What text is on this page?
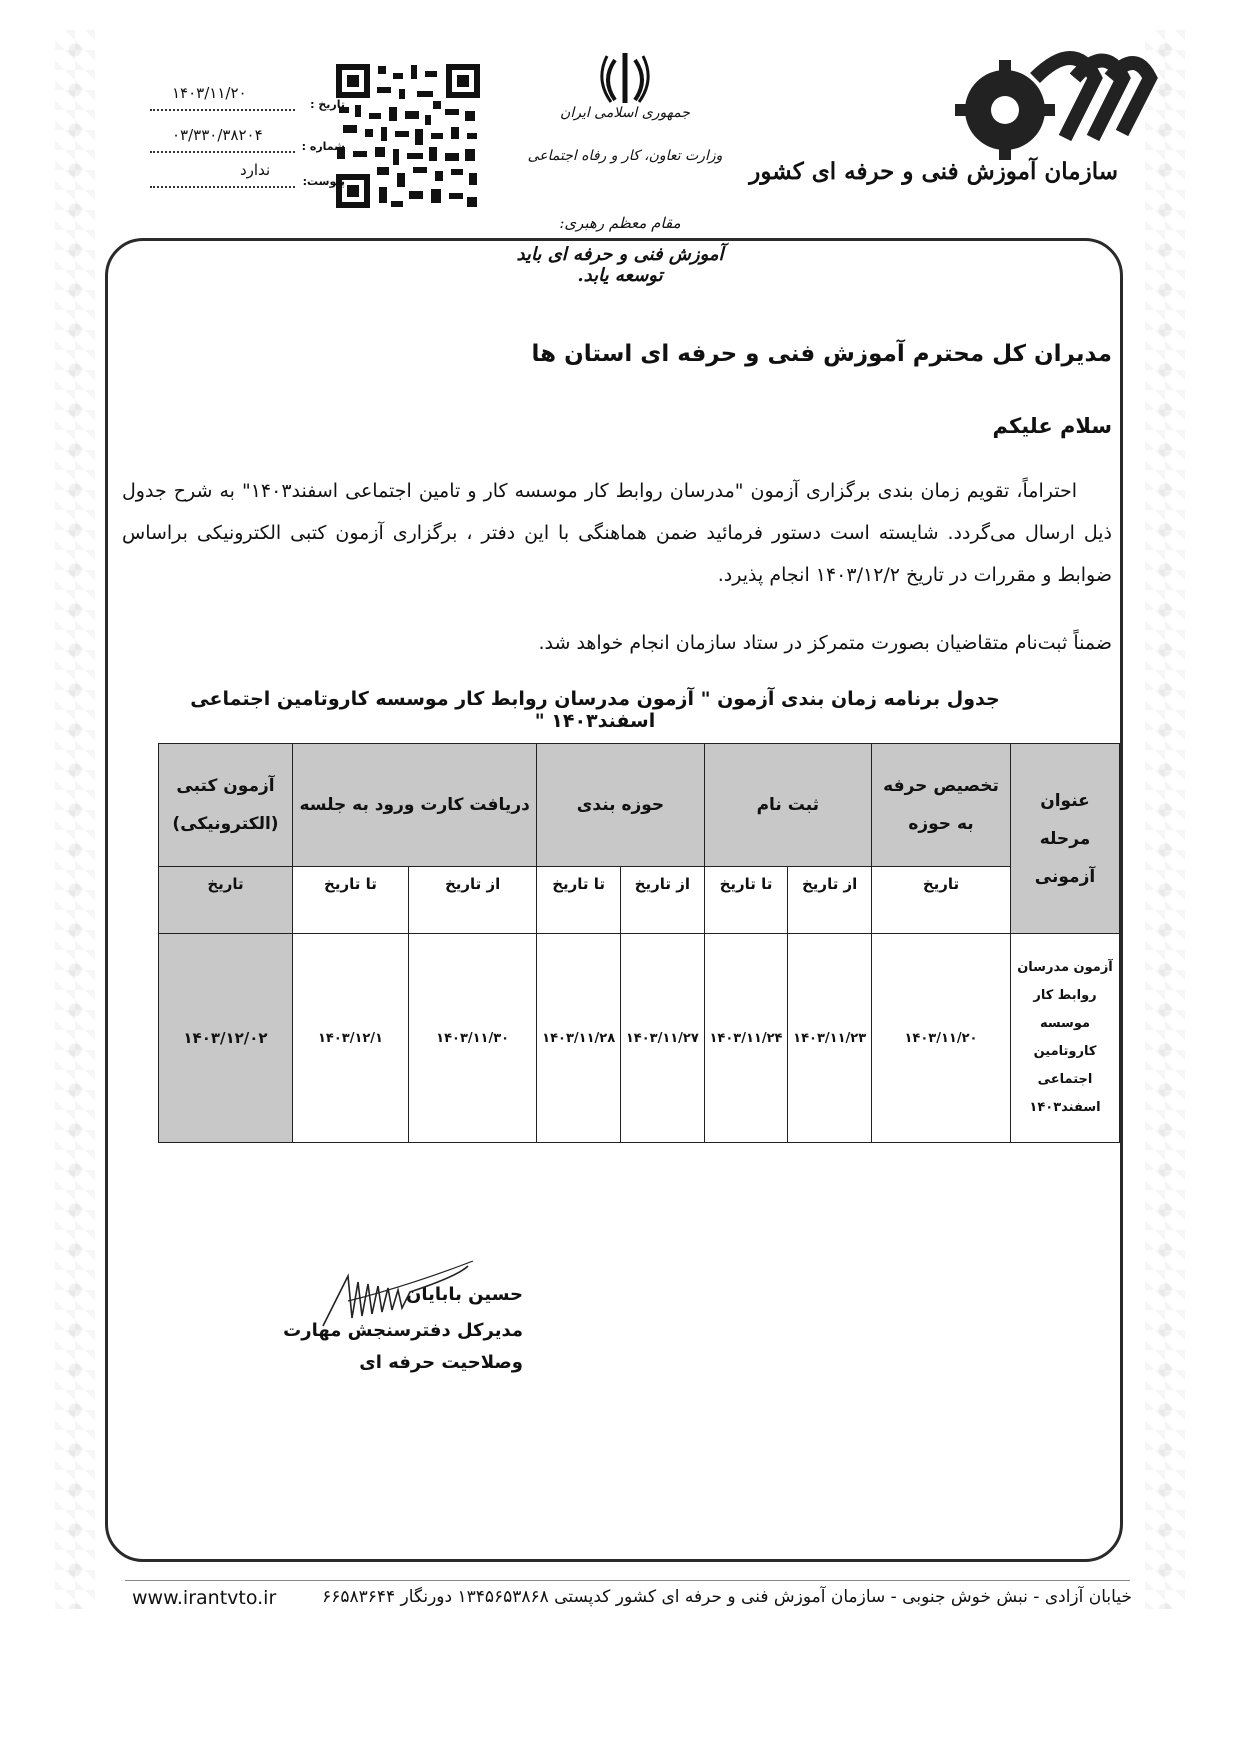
سازمان آموزش فنی و حرفه ای کشور
جمهوری اسلامی ایران
وزارت تعاون، کار و رفاه اجتماعی
تاریخ :
۱۴۰۳/۱۱/۲۰
شماره :
۰۳/۳۳۰/۳۸۲۰۴
پیوست:
ندارد
مقام معظم رهبری:
آموزش فنی و حرفه ای باید توسعه یابد.
مدیران کل محترم آموزش فنی و حرفه ای استان ها
سلام علیکم

احتراماً، تقویم زمان بندی برگزاری آزمون "مدرسان روابط کار موسسه کار و تامین اجتماعی اسفند۱۴۰۳" به شرح جدول ذیل ارسال می‌گردد. شایسته است دستور فرمائید ضمن هماهنگی با این دفتر ، برگزاری آزمون کتبی الکترونیکی براساس ضوابط و مقررات در تاریخ ۱۴۰۳/۱۲/۲ انجام پذیرد.

ضمناً ثبت‌نام متقاضیان بصورت متمرکز در ستاد سازمان انجام خواهد شد.

جدول برنامه زمان بندی آزمون " آزمون مدرسان روابط کار موسسه کاروتامین اجتماعی اسفند۱۴۰۳ "
عنوان مرحله آزمونی	تخصیص حرفه به حوزه	ثبت نام		حوزه بندی		دریافت کارت ورود به جلسه		آزمون کتبی (الکترونیکی)
	تاریخ	از تاریخ	تا تاریخ	از تاریخ	تا تاریخ	از تاریخ	تا تاریخ	تاریخ
آزمون مدرسان روابط کار موسسه کاروتامین اجتماعی اسفند۱۴۰۳	۱۴۰۳/۱۱/۲۰	۱۴۰۳/۱۱/۲۳	۱۴۰۳/۱۱/۲۴	۱۴۰۳/۱۱/۲۷	۱۴۰۳/۱۱/۲۸	۱۴۰۳/۱۱/۳۰	۱۴۰۳/۱۲/۱	۱۴۰۳/۱۲/۰۲
حسین بابایان
مدیرکل دفترسنجش مهارت
وصلاحیت حرفه ای
www.irantvto.ir	خیابان آزادی - نبش خوش جنوبی - سازمان آموزش فنی و حرفه ای کشور کدپستی ۱۳۴۵۶۵۳۸۶۸ دورنگار ۶۶۵۸۳۶۴۴
